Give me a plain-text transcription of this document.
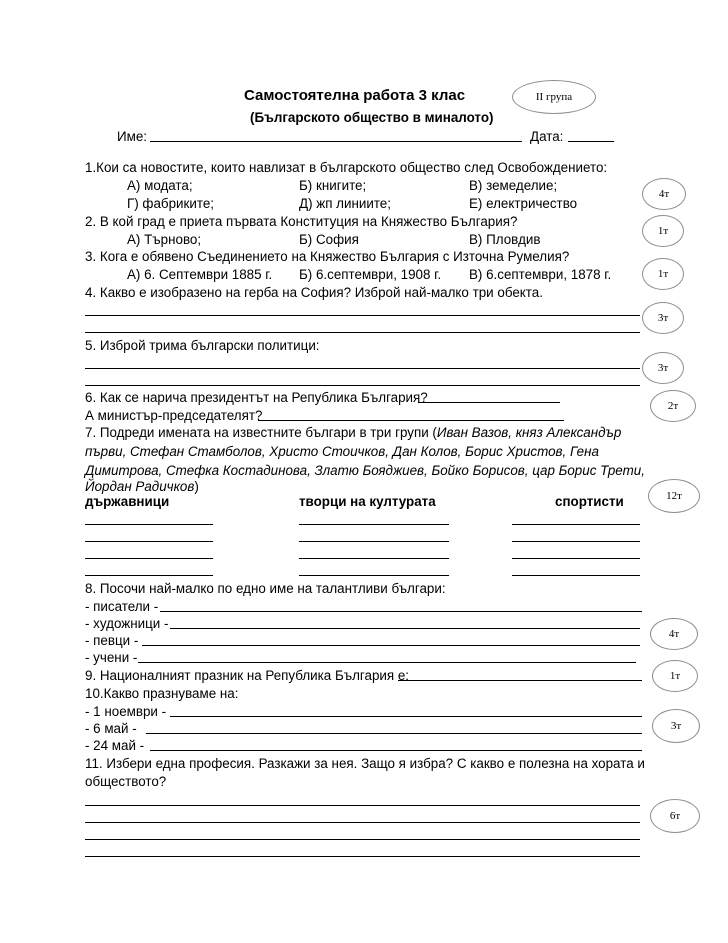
Самостоятелна работа 3 клас	II група
(Българското общество в миналото)
Име:	Дата:
1.Кои са новостите, които навлизат в българското общество след Освобождението:
А) модата;	Б) книгите;	В) земеделие;
Г) фабриките;	Д) жп линиите;	Е) електричество
4т
2. В кой град е приета първата Конституция на Княжество България?
А) Търново;	Б) София	В) Пловдив
1т
3. Кога е обявено Съединението на Княжество България с Източна Румелия?
А) 6. Септември 1885 г. Б) 6.септември, 1908 г. В) 6.септември, 1878 г.	1т
4. Какво е изобразено на герба на София? Изброй най-малко три обекта.
3т
5. Изброй трима български политици:
3т
6. Как се нарича президентът на Република България?
А министър-председателят?
2т
7. Подреди имената на известните българи в три групи (Иван Вазов, княз Александър
първи, Стефан Стамболов, Христо Стоичков, Дан Колов, Борис Христов, Гена
Димитрова, Стефка Костадинова, Златю Бояджиев, Бойко Борисов, цар Борис Трети,
Йордан Радичков)
държавници	творци на културата	спортисти	12т
8. Посочи най-малко по едно име на талантливи българи:
- писатели -
- художници -
- певци -
- учени -
4т
9. Националният празник на Република България е:	1т
10.Какво празнуваме на:
- 1 ноември -
- 6 май -
- 24 май -
3т
11. Избери една професия. Разкажи за нея. Защо я избра? С какво е полезна на хората и
обществото?
6т
